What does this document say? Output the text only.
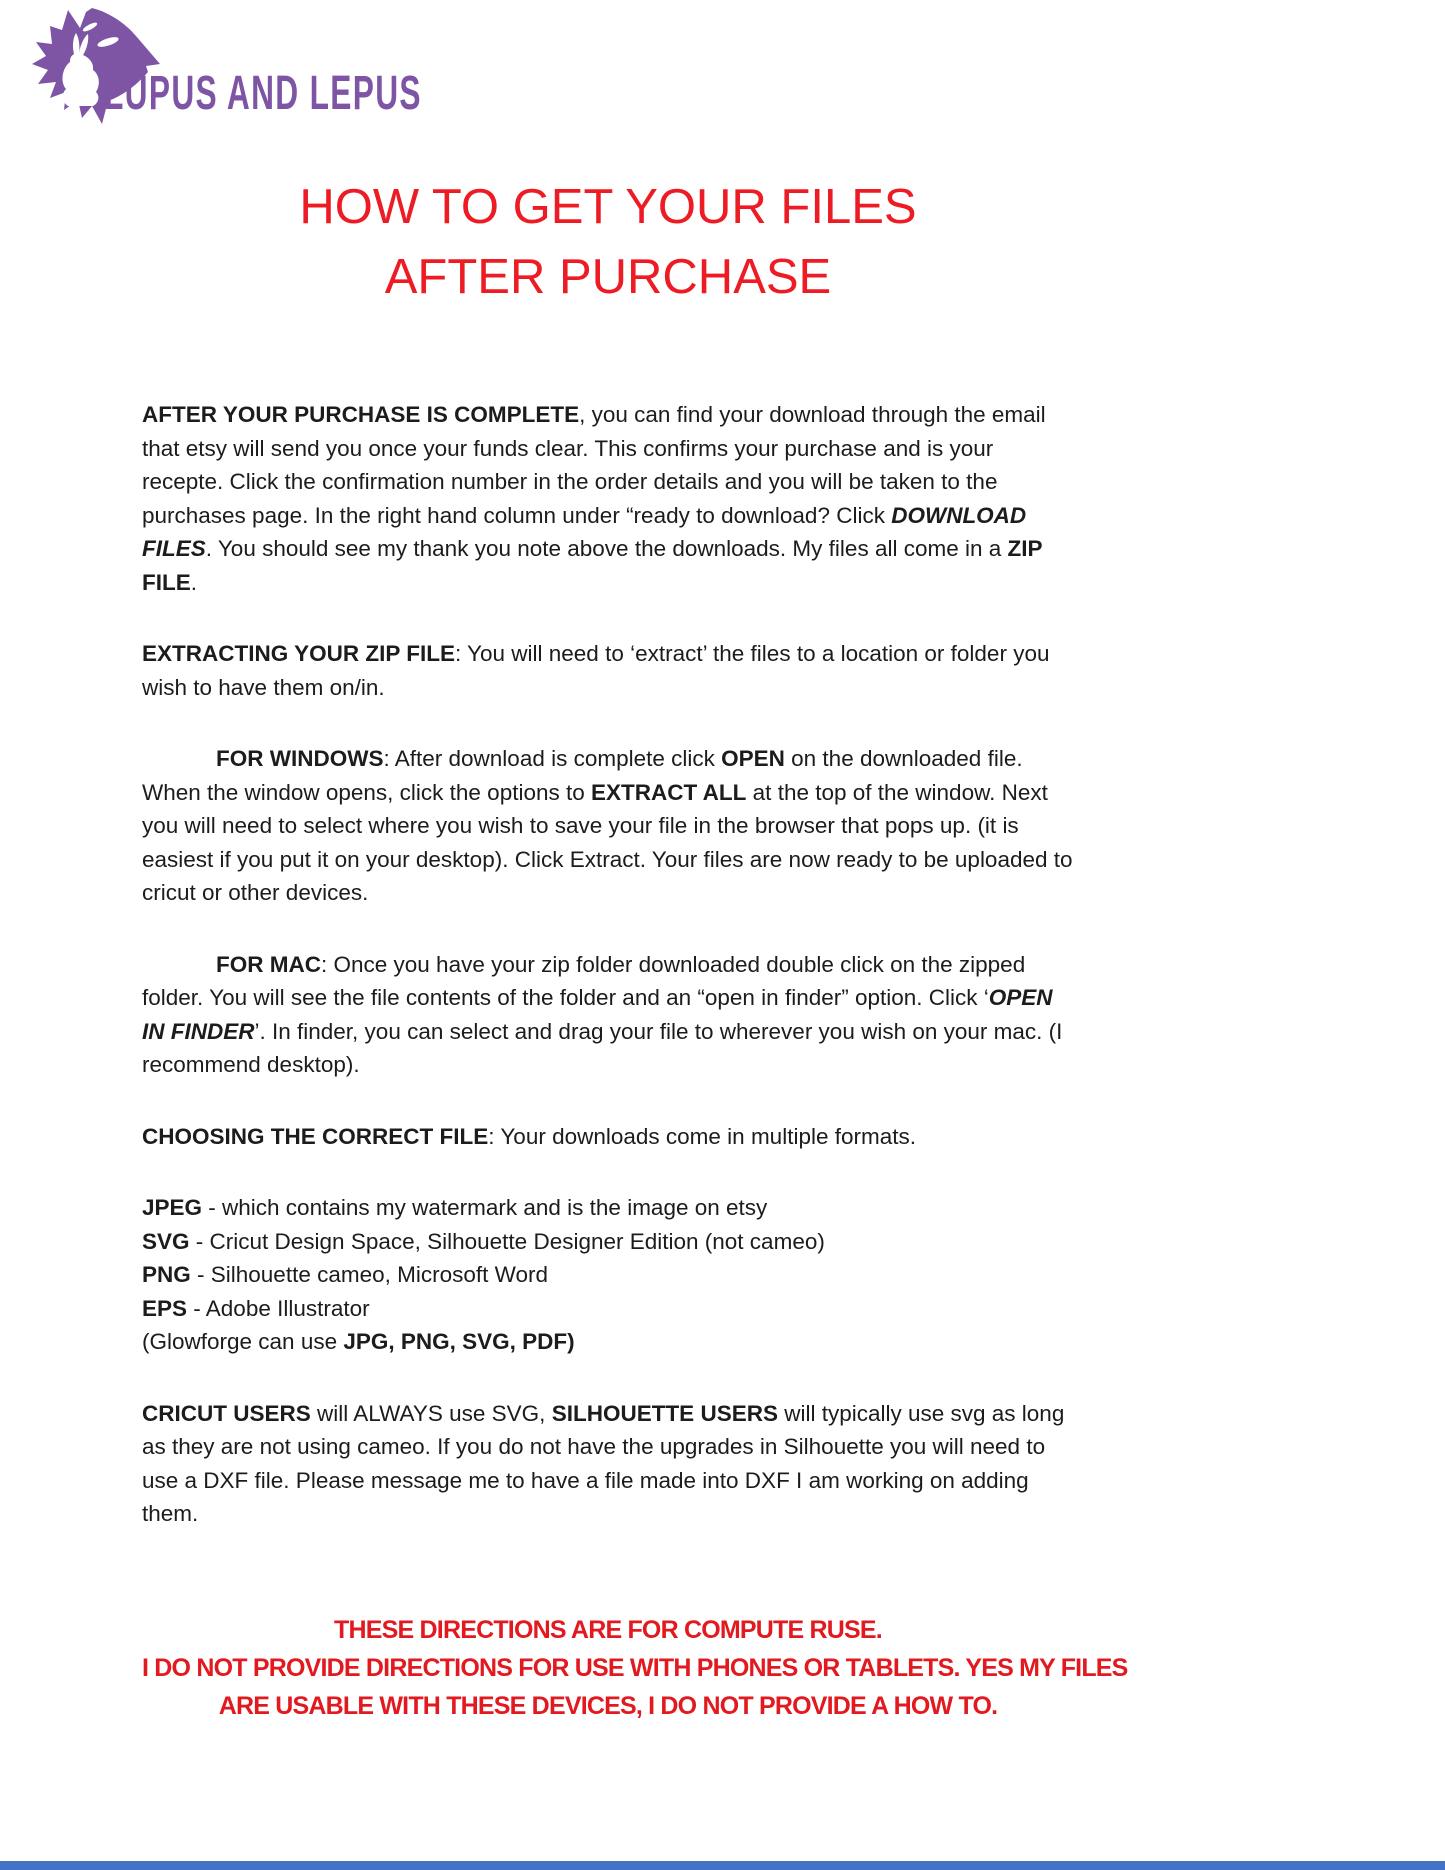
LUPUS AND LEPUS
HOW TO GET YOUR FILES
AFTER PURCHASE
AFTER YOUR PURCHASE IS COMPLETE, you can find your download through the email that etsy will send you once your funds clear. This confirms your purchase and is your recepte. Click the confirmation number in the order details and you will be taken to the purchases page. In the right hand column under “ready to download? Click DOWNLOAD FILES. You should see my thank you note above the downloads. My files all come in a ZIP FILE.
EXTRACTING YOUR ZIP FILE: You will need to ‘extract’ the files to a location or folder you wish to have them on/in.
FOR WINDOWS: After download is complete click OPEN on the downloaded file. When the window opens, click the options to EXTRACT ALL at the top of the window. Next you will need to select where you wish to save your file in the browser that pops up. (it is easiest if you put it on your desktop). Click Extract. Your files are now ready to be uploaded to cricut or other devices.
FOR MAC: Once you have your zip folder downloaded double click on the zipped folder. You will see the file contents of the folder and an “open in finder” option. Click ‘OPEN IN FINDER’. In finder, you can select and drag your file to wherever you wish on your mac. (I recommend desktop).
CHOOSING THE CORRECT FILE: Your downloads come in multiple formats.
JPEG - which contains my watermark and is the image on etsy
SVG - Cricut Design Space, Silhouette Designer Edition (not cameo)
PNG - Silhouette cameo, Microsoft Word
EPS - Adobe Illustrator
(Glowforge can use JPG, PNG, SVG, PDF)
CRICUT USERS will ALWAYS use SVG, SILHOUETTE USERS will typically use svg as long as they are not using cameo. If you do not have the upgrades in Silhouette you will need to use a DXF file. Please message me to have a file made into DXF I am working on adding them.
THESE DIRECTIONS ARE FOR COMPUTE RUSE.
I DO NOT PROVIDE DIRECTIONS FOR USE WITH PHONES OR TABLETS. YES MY FILES
ARE USABLE WITH THESE DEVICES, I DO NOT PROVIDE A HOW TO.
